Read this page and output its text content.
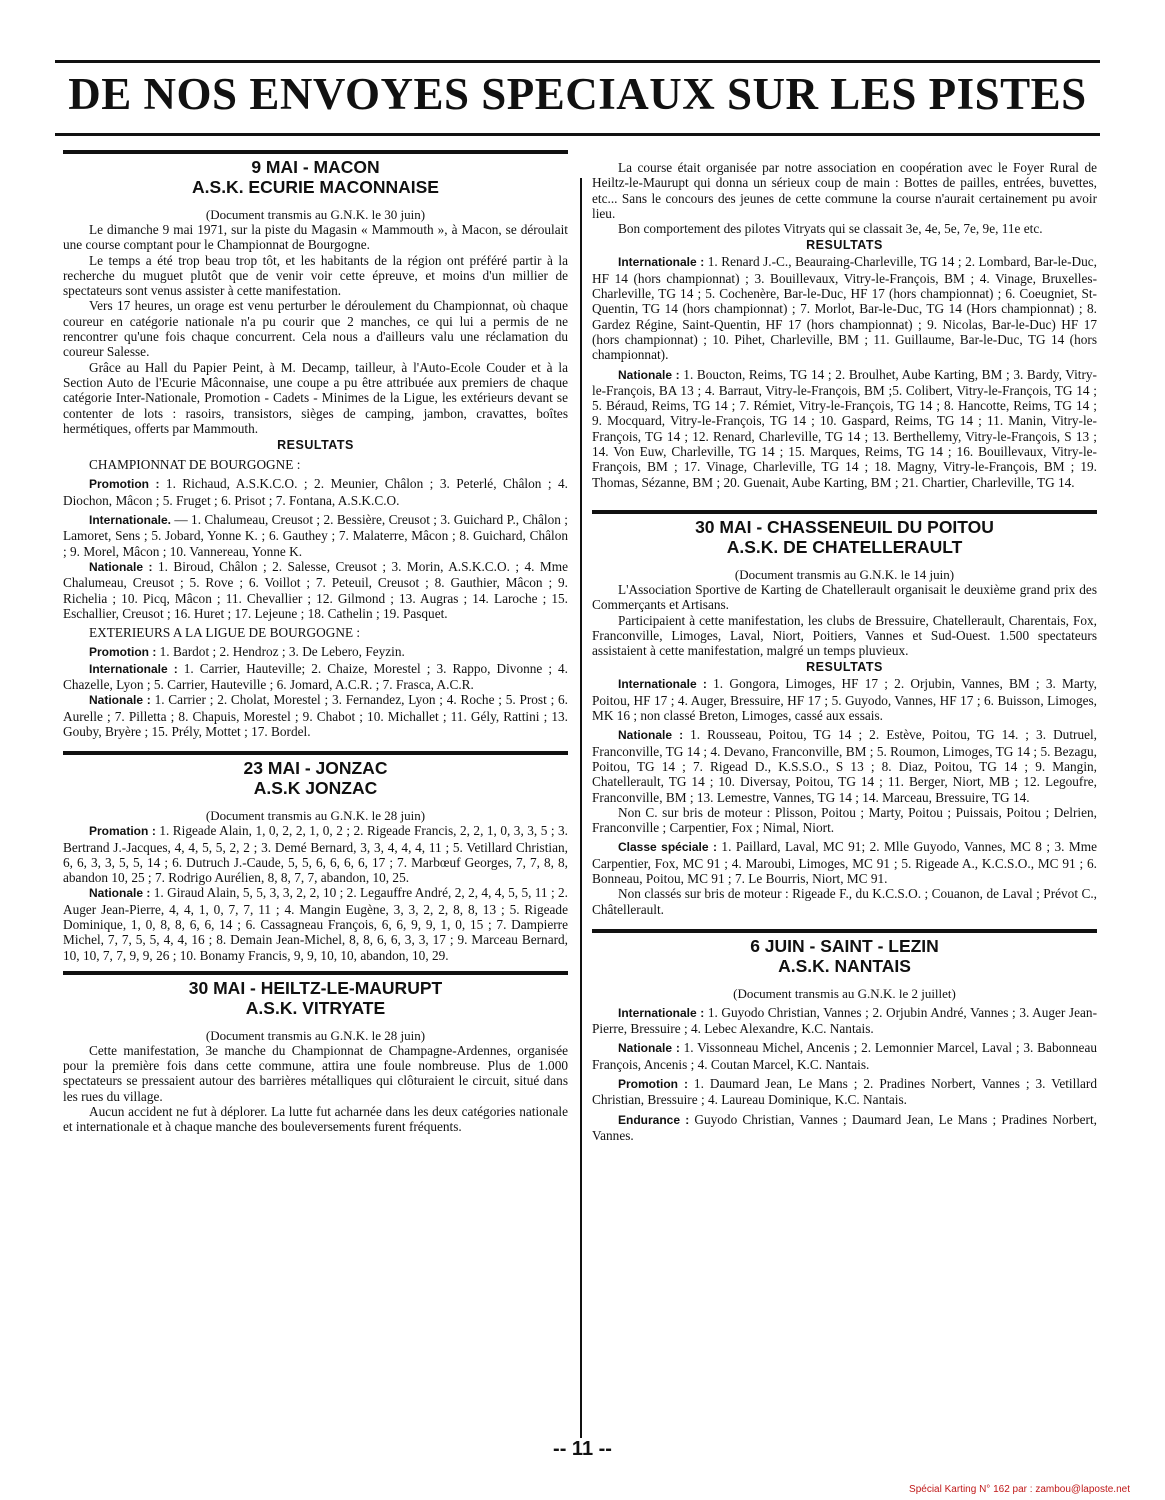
DE NOS ENVOYES SPECIAUX SUR LES PISTES
9 MAI - MACON
A.S.K. ECURIE MACONNAISE
(Document transmis au G.N.K. le 30 juin)

Le dimanche 9 mai 1971, sur la piste du Magasin « Mammouth », à Macon, se déroulait une course comptant pour le Championnat de Bourgogne.

Le temps a été trop beau trop tôt, et les habitants de la région ont préféré partir à la recherche du muguet plutôt que de venir voir cette épreuve, et moins d'un millier de spectateurs sont venus assister à cette manifestation.

Vers 17 heures, un orage est venu perturber le déroulement du Championnat, où chaque coureur en catégorie nationale n'a pu courir que 2 manches, ce qui lui a permis de ne rencontrer qu'une fois chaque concurrent. Cela nous a d'ailleurs valu une réclamation du coureur Salesse.

Grâce au Hall du Papier Peint, à M. Decamp, tailleur, à l'Auto-Ecole Couder et à la Section Auto de l'Ecurie Mâconnaise, une coupe a pu être attribuée aux premiers de chaque catégorie Inter-Nationale, Promotion - Cadets - Minimes de la Ligue, les extérieurs devant se contenter de lots : rasoirs, transistors, sièges de camping, jambon, cravattes, boîtes hermétiques, offerts par Mammouth.

RESULTATS
CHAMPIONNAT DE BOURGOGNE :

Promotion : 1. Richaud, A.S.K.C.O. ; 2. Meunier, Châlon ; 3. Peterlé, Châlon ; 4. Diochon, Mâcon ; 5. Fruget ; 6. Prisot ; 7. Fontana, A.S.K.C.O.

Internationale. — 1. Chalumeau, Creusot ; 2. Bessière, Creusot ; 3. Guichard P., Châlon ; Lamoret, Sens ; 5. Jobard, Yonne K. ; 6. Gauthey ; 7. Malaterre, Mâcon ; 8. Guichard, Châlon ; 9. Morel, Mâcon ; 10. Vannereau, Yonne K.

Nationale : 1. Biroud, Châlon ; 2. Salesse, Creusot ; 3. Morin, A.S.K.C.O. ; 4. Mme Chalumeau, Creusot ; 5. Rove ; 6. Voillot ; 7. Peteuil, Creusot ; 8. Gauthier, Mâcon ; 9. Richelia ; 10. Picq, Mâcon ; 11. Chevallier ; 12. Gilmond ; 13. Augras ; 14. Laroche ; 15. Eschallier, Creusot ; 16. Huret ; 17. Lejeune ; 18. Cathelin ; 19. Pasquet.

EXTERIEURS A LA LIGUE DE BOURGOGNE :

Promotion : 1. Bardot ; 2. Hendroz ; 3. De Lebero, Feyzin.

Internationale : 1. Carrier, Hauteville; 2. Chaize, Morestel ; 3. Rappo, Divonne ; 4. Chazelle, Lyon ; 5. Carrier, Hauteville ; 6. Jomard, A.C.R. ; 7. Frasca, A.C.R.

Nationale : 1. Carrier ; 2. Cholat, Morestel ; 3. Fernandez, Lyon ; 4. Roche ; 5. Prost ; 6. Aurelle ; 7. Pilletta ; 8. Chapuis, Morestel ; 9. Chabot ; 10. Michallet ; 11. Gély, Rattini ; 13. Gouby, Bryère ; 15. Prély, Mottet ; 17. Bordel.

23 MAI - JONZAC
A.S.K JONZAC
(Document transmis au G.N.K. le 28 juin)

Promation : 1. Rigeade Alain, 1, 0, 2, 2, 1, 0, 2 ; 2. Rigeade Francis, 2, 2, 1, 0, 3, 3, 5 ; 3. Bertrand J.-Jacques, 4, 4, 5, 5, 2, 2 ; 3. Demé Bernard, 3, 3, 4, 4, 4, 11 ; 5. Vetillard Christian, 6, 6, 3, 3, 5, 5, 14 ; 6. Dutruch J.-Caude, 5, 5, 6, 6, 6, 6, 17 ; 7. Marbœuf Georges, 7, 7, 8, 8, abandon 10, 25 ; 7. Rodrigo Aurélien, 8, 8, 7, 7, abandon, 10, 25.

Nationale : 1. Giraud Alain, 5, 5, 3, 3, 2, 2, 10 ; 2. Legauffre André, 2, 2, 4, 4, 5, 5, 11 ; 2. Auger Jean-Pierre, 4, 4, 1, 0, 7, 7, 11 ; 4. Mangin Eugène, 3, 3, 2, 2, 8, 8, 13 ; 5. Rigeade Dominique, 1, 0, 8, 8, 6, 6, 14 ; 6. Cassagneau François, 6, 6, 9, 9, 1, 0, 15 ; 7. Dampierre Michel, 7, 7, 5, 5, 4, 4, 16 ; 8. Demain Jean-Michel, 8, 8, 6, 6, 3, 3, 17 ; 9. Marceau Bernard, 10, 10, 7, 7, 9, 9, 26 ; 10. Bonamy Francis, 9, 9, 10, 10, abandon, 10, 29.

30 MAI - HEILTZ-LE-MAURUPT
A.S.K. VITRYATE
(Document transmis au G.N.K. le 28 juin)

Cette manifestation, 3e manche du Championnat de Champagne-Ardennes, organisée pour la première fois dans cette commune, attira une foule nombreuse. Plus de 1.000 spectateurs se pressaient autour des barrières métalliques qui clôturaient le circuit, situé dans les rues du village.

Aucun accident ne fut à déplorer. La lutte fut acharnée dans les deux catégories nationale et internationale et à chaque manche des bouleversements furent fréquents.

La course était organisée par notre association en coopération avec le Foyer Rural de Heiltz-le-Maurupt qui donna un sérieux coup de main : Bottes de pailles, entrées, buvettes, etc... Sans le concours des jeunes de cette commune la course n'aurait certainement pu avoir lieu.

Bon comportement des pilotes Vitryats qui se classait 3e, 4e, 5e, 7e, 9e, 11e etc.

RESULTATS

Internationale : 1. Renard J.-C., Beauraing-Charleville, TG 14 ; 2. Lombard, Bar-le-Duc, HF 14 (hors championnat) ; 3. Bouillevaux, Vitry-le-François, BM ; 4. Vinage, Bruxelles-Charleville, TG 14 ; 5. Cochenère, Bar-le-Duc, HF 17 (hors championnat) ; 6. Coeugniet, St-Quentin, TG 14 (hors championnat) ; 7. Morlot, Bar-le-Duc, TG 14 (Hors championnat) ; 8. Gardez Régine, Saint-Quentin, HF 17 (hors championnat) ; 9. Nicolas, Bar-le-Duc) HF 17 (hors championnat) ; 10. Pihet, Charleville, BM ; 11. Guillaume, Bar-le-Duc, TG 14 (hors championnat).

Nationale : 1. Boucton, Reims, TG 14 ; 2. Broulhet, Aube Karting, BM ; 3. Bardy, Vitry-le-François, BA 13 ; 4. Barraut, Vitry-le-François, BM ;5. Colibert, Vitry-le-François, TG 14 ; 5. Béraud, Reims, TG 14 ; 7. Rémiet, Vitry-le-François, TG 14 ; 8. Hancotte, Reims, TG 14 ; 9. Mocquard, Vitry-le-François, TG 14 ; 10. Gaspard, Reims, TG 14 ; 11. Manin, Vitry-le-François, TG 14 ; 12. Renard, Charleville, TG 14 ; 13. Berthellemy, Vitry-le-François, S 13 ; 14. Von Euw, Charleville, TG 14 ; 15. Marques, Reims, TG 14 ; 16. Bouillevaux, Vitry-le-François, BM ; 17. Vinage, Charleville, TG 14 ; 18. Magny, Vitry-le-François, BM ; 19. Thomas, Sézanne, BM ; 20. Guenait, Aube Karting, BM ; 21. Chartier, Charleville, TG 14.

30 MAI - CHASSENEUIL DU POITOU
A.S.K. DE CHATELLERAULT
(Document transmis au G.N.K. le 14 juin)

L'Association Sportive de Karting de Chatellerault organisait le deuxième grand prix des Commerçants et Artisans.

Participaient à cette manifestation, les clubs de Bressuire, Chatellerault, Charentais, Fox, Franconville, Limoges, Laval, Niort, Poitiers, Vannes et Sud-Ouest. 1.500 spectateurs assistaient à cette manifestation, malgré un temps pluvieux.

RESULTATS

Internationale : 1. Gongora, Limoges, HF 17 ; 2. Orjubin, Vannes, BM ; 3. Marty, Poitou, HF 17 ; 4. Auger, Bressuire, HF 17 ; 5. Guyodo, Vannes, HF 17 ; 6. Buisson, Limoges, MK 16 ; non classé Breton, Limoges, cassé aux essais.

Nationale : 1. Rousseau, Poitou, TG 14 ; 2. Estève, Poitou, TG 14. ; 3. Dutruel, Franconville, TG 14 ; 4. Devano, Franconville, BM ; 5. Roumon, Limoges, TG 14 ; 5. Bezagu, Poitou, TG 14 ; 7. Rigead D., K.S.S.O., S 13 ; 8. Diaz, Poitou, TG 14 ; 9. Mangin, Chatellerault, TG 14 ; 10. Diversay, Poitou, TG 14 ; 11. Berger, Niort, MB ; 12. Legoufre, Franconville, BM ; 13. Lemestre, Vannes, TG 14 ; 14. Marceau, Bressuire, TG 14.

Non C. sur bris de moteur : Plisson, Poitou ; Marty, Poitou ; Puissais, Poitou ; Delrien, Franconville ; Carpentier, Fox ; Nimal, Niort.

Classe spéciale : 1. Paillard, Laval, MC 91; 2. Mlle Guyodo, Vannes, MC 8 ; 3. Mme Carpentier, Fox, MC 91 ; 4. Maroubi, Limoges, MC 91 ; 5. Rigeade A., K.C.S.O., MC 91 ; 6. Bonneau, Poitou, MC 91 ; 7. Le Bourris, Niort, MC 91.

Non classés sur bris de moteur : Rigeade F., du K.C.S.O. ; Couanon, de Laval ; Prévot C., Châtellerault.

6 JUIN - SAINT - LEZIN
A.S.K. NANTAIS
(Document transmis au G.N.K. le 2 juillet)

Internationale : 1. Guyodo Christian, Vannes ; 2. Orjubin André, Vannes ; 3. Auger Jean-Pierre, Bressuire ; 4. Lebec Alexandre, K.C. Nantais.

Nationale : 1. Vissonneau Michel, Ancenis ; 2. Lemonnier Marcel, Laval ; 3. Babonneau François, Ancenis ; 4. Coutan Marcel, K.C. Nantais.

Promotion : 1. Daumard Jean, Le Mans ; 2. Pradines Norbert, Vannes ; 3. Vetillard Christian, Bressuire ; 4. Laureau Dominique, K.C. Nantais.

Endurance : Guyodo Christian, Vannes ; Daumard Jean, Le Mans ; Pradines Norbert, Vannes.

-- 11 --
Spécial Karting N° 162 par : zambou@laposte.net
